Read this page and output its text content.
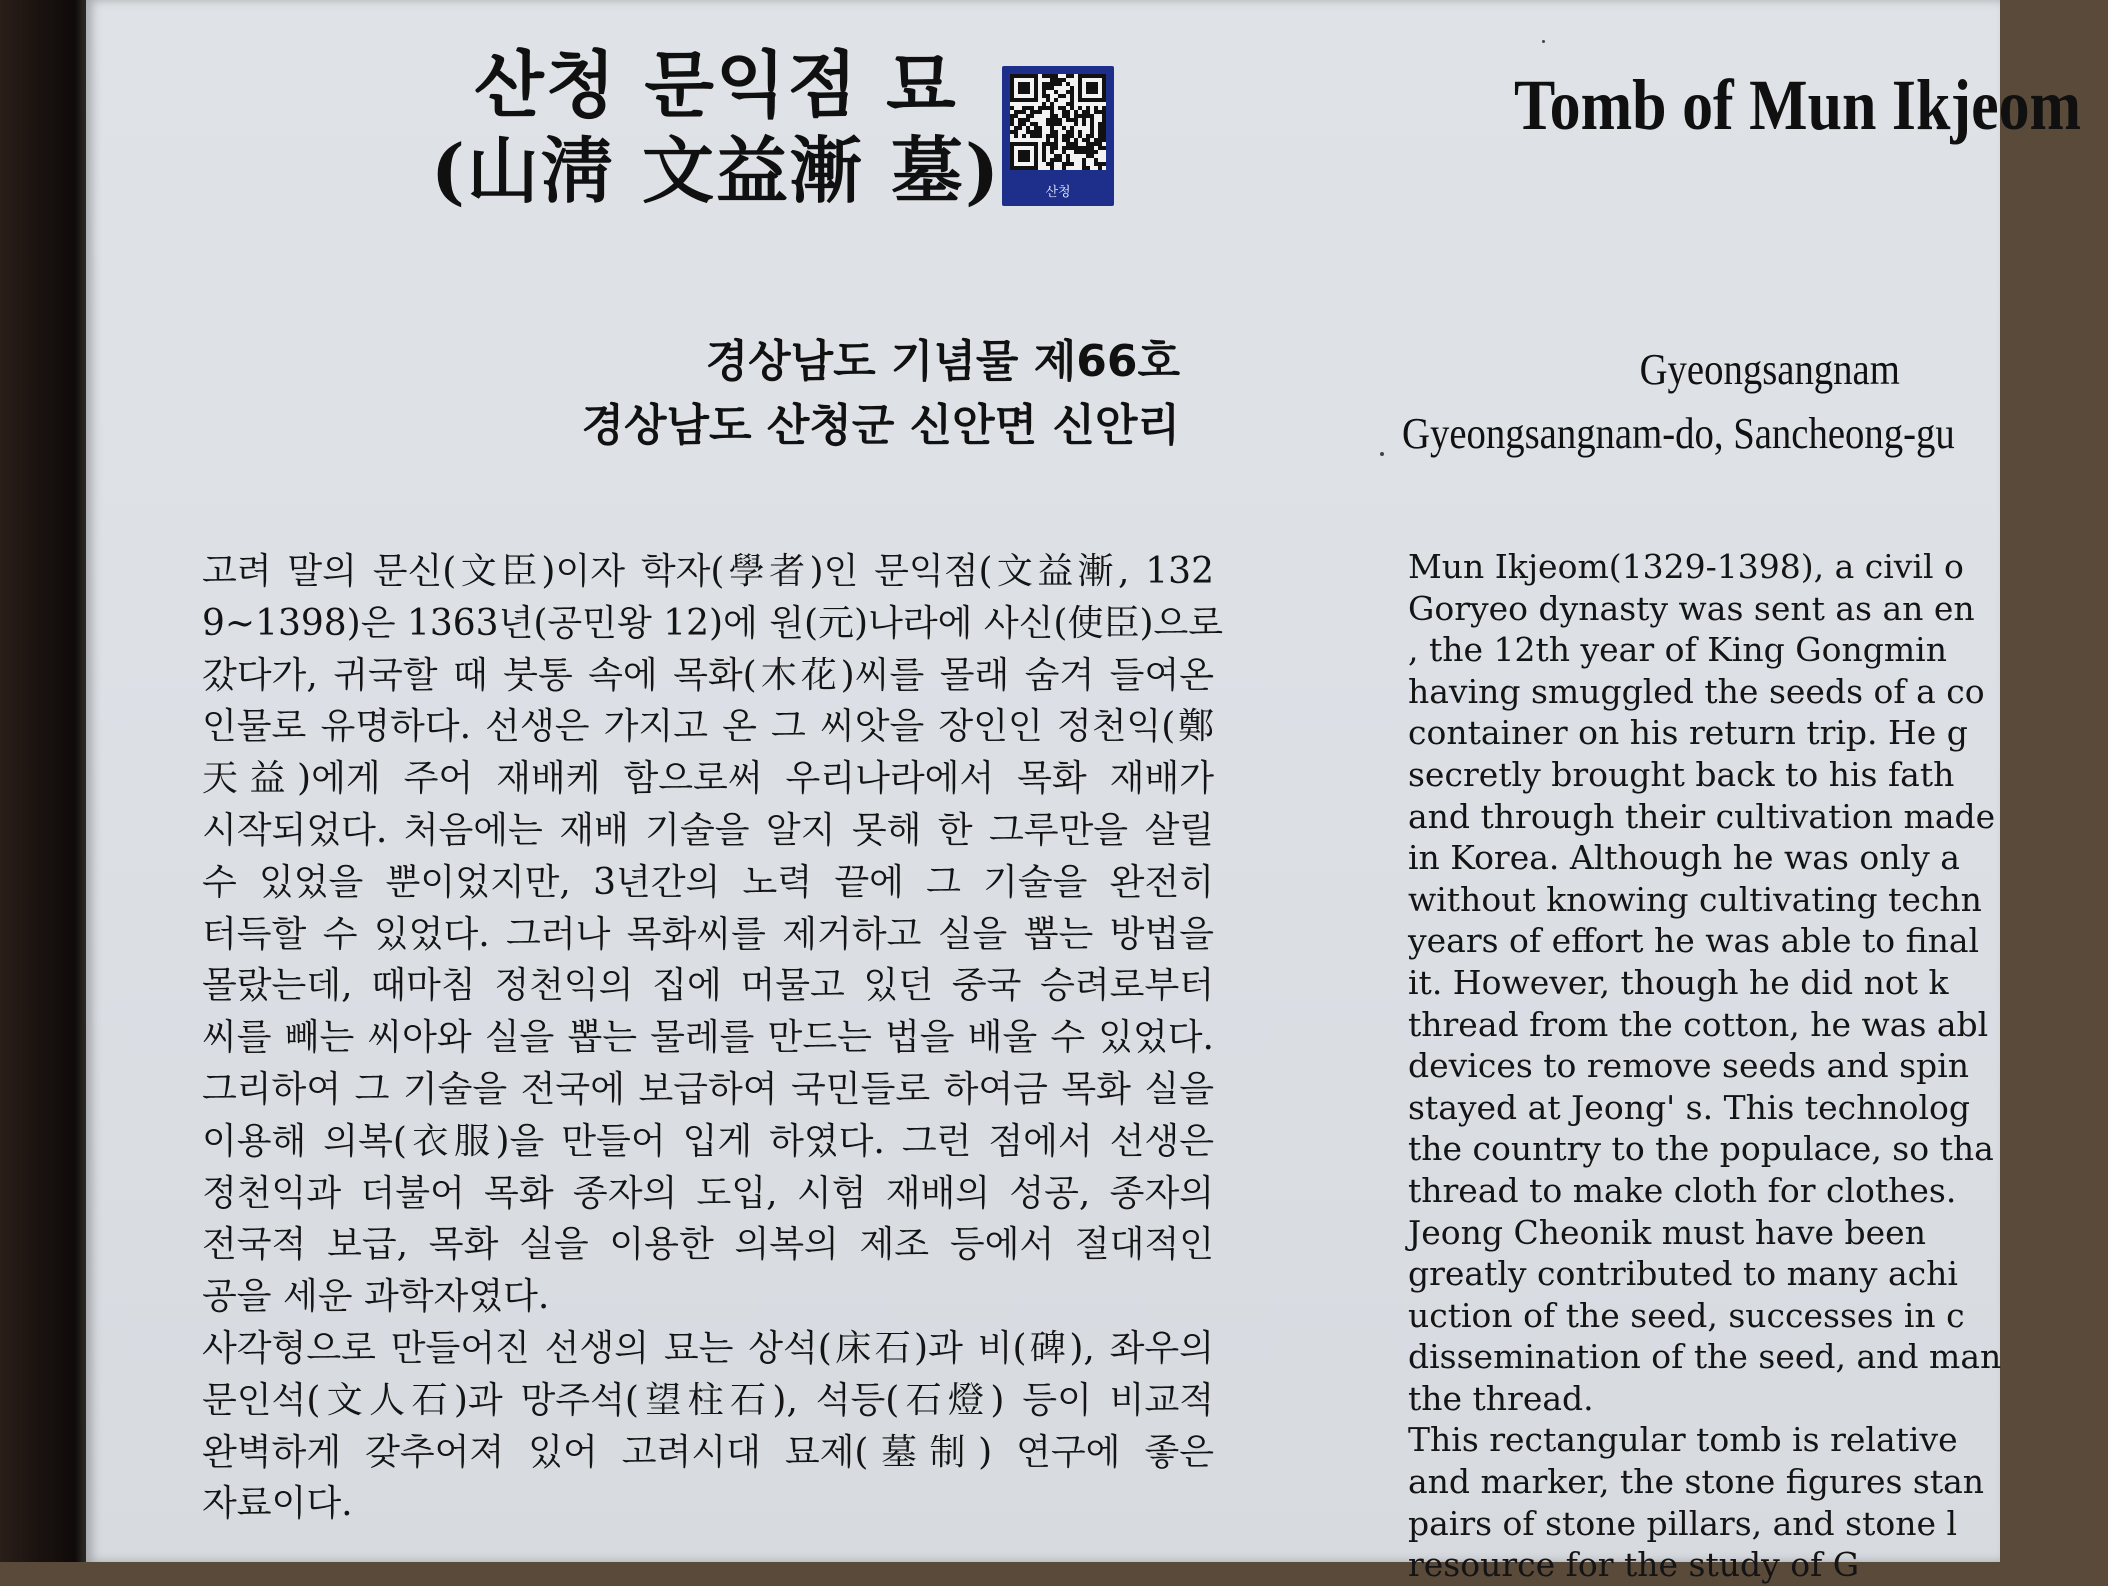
산청 문익점 묘
(山淸 文益漸 墓)	산청
Tomb of Mun Ikjeom
경상남도 기념물 제66호
경상남도 산청군 신안면 신안리
Gyeongsangnam
Gyeongsangnam-do, Sancheong-gu
고려 말의 문신(文臣)이자 학자(學者)인 문익점(文益漸, 132
9~1398)은 1363년(공민왕 12)에 원(元)나라에 사신(使臣)으로
갔다가, 귀국할 때 붓통 속에 목화(木花)씨를 몰래 숨겨 들여온
인물로 유명하다. 선생은 가지고 온 그 씨앗을 장인인 정천익(鄭
天益)에게 주어 재배케 함으로써 우리나라에서 목화 재배가
시작되었다. 처음에는 재배 기술을 알지 못해 한 그루만을 살릴
수 있었을 뿐이었지만, 3년간의 노력 끝에 그 기술을 완전히
터득할 수 있었다. 그러나 목화씨를 제거하고 실을 뽑는 방법을
몰랐는데, 때마침 정천익의 집에 머물고 있던 중국 승려로부터
씨를 빼는 씨아와 실을 뽑는 물레를 만드는 법을 배울 수 있었다.
그리하여 그 기술을 전국에 보급하여 국민들로 하여금 목화 실을
이용해 의복(衣服)을 만들어 입게 하였다. 그런 점에서 선생은
정천익과 더불어 목화 종자의 도입, 시험 재배의 성공, 종자의
전국적 보급, 목화 실을 이용한 의복의 제조 등에서 절대적인
공을 세운 과학자였다.
사각형으로 만들어진 선생의 묘는 상석(床石)과 비(碑), 좌우의
문인석(文人石)과 망주석(望柱石), 석등(石燈) 등이 비교적
완벽하게 갖추어져 있어 고려시대 묘제(墓制) 연구에 좋은
자료이다.
Mun Ikjeom(1329-1398), a civil o
Goryeo dynasty was sent as an en
, the 12th year of King Gongmin
having smuggled the seeds of a co
container on his return trip. He g
secretly brought back to his fath
and through their cultivation made
in Korea. Although he was only a
without knowing cultivating techn
years of effort he was able to final
it. However, though he did not k
thread from the cotton, he was abl
devices to remove seeds and spin
stayed at Jeong' s. This technolog
the country to the populace, so tha
thread to make cloth for clothes.
Jeong Cheonik must have been
greatly contributed to many achi
uction of the seed, successes in c
dissemination of the seed, and man
the thread.
This rectangular tomb is relative
and marker, the stone figures stan
pairs of stone pillars, and stone l
resource for the study of G
